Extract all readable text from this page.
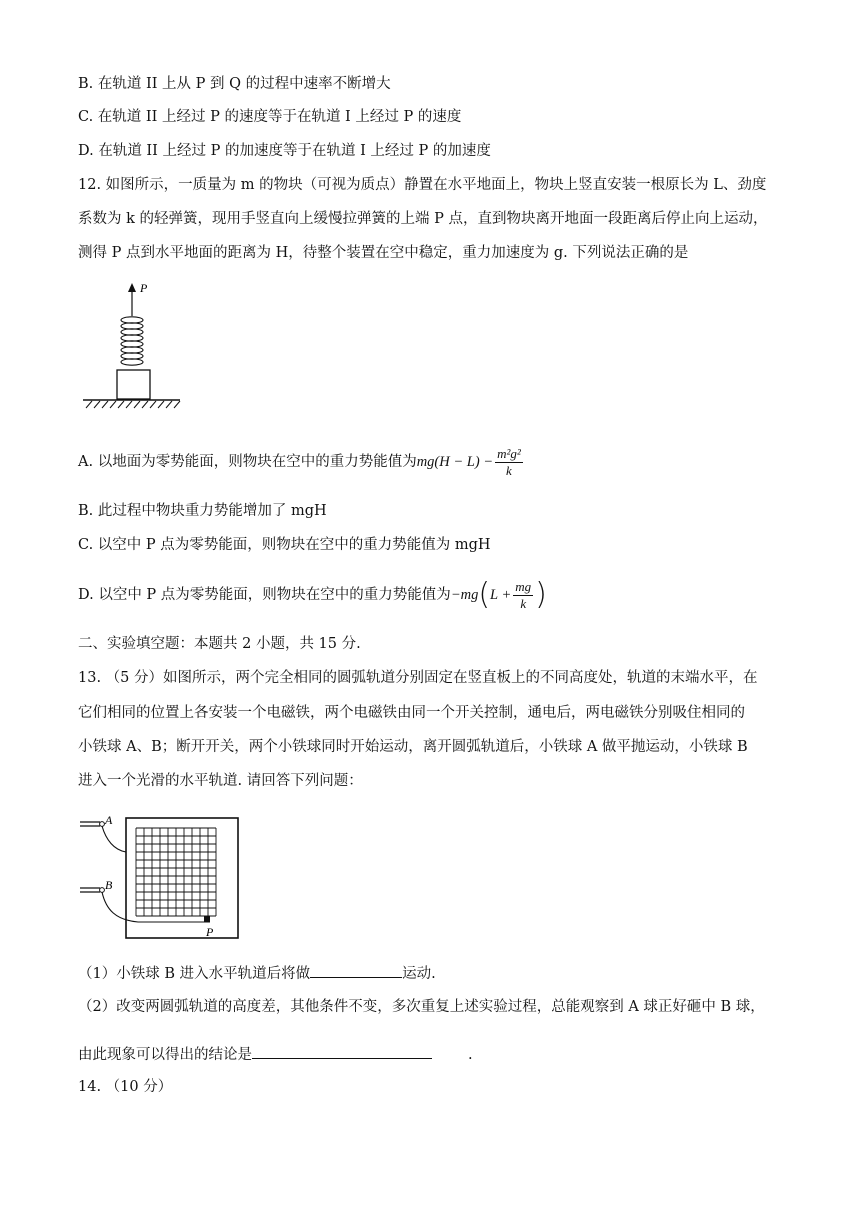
B. 在轨道 II 上从 P 到 Q 的过程中速率不断增大
C. 在轨道 II 上经过 P 的速度等于在轨道 I 上经过 P 的速度
D. 在轨道 II 上经过 P 的加速度等于在轨道 I 上经过 P 的加速度
12. 如图所示，一质量为 m 的物块（可视为质点）静置在水平地面上，物块上竖直安装一根原长为 L、劲度
系数为 k 的轻弹簧，现用手竖直向上缓慢拉弹簧的上端 P 点，直到物块离开地面一段距离后停止向上运动，
测得 P 点到水平地面的距离为 H，待整个装置在空中稳定，重力加速度为 g. 下列说法正确的是
P
A. 以地面为零势能面，则物块在空中的重力势能值为$mg(H - L) - \frac{\text{m²g²}}{k}$
B. 此过程中物块重力势能增加了 mgH
C. 以空中 P 点为零势能面，则物块在空中的重力势能值为 mgH
D. 以空中 P 点为零势能面，则物块在空中的重力势能值为$-mg(L + \frac{mg}{k}$ )
二、实验填空题：本题共 2 小题，共 15 分.
13. （5 分）如图所示，两个完全相同的圆弧轨道分别固定在竖直板上的不同高度处，轨道的末端水平，在
它们相同的位置上各安装一个电磁铁，两个电磁铁由同一个开关控制，通电后，两电磁铁分别吸住相同的
小铁球 A、B；断开开关，两个小铁球同时开始运动，离开圆弧轨道后，小铁球 A 做平抛运动，小铁球 B
进入一个光滑的水平轨道. 请回答下列问题：
A
B
P
（1）小铁球 B 进入水平轨道后将做	运动.
（2）改变两圆弧轨道的高度差，其他条件不变，多次重复上述实验过程，总能观察到 A 球正好砸中 B 球，
由此现象可以得出的结论是	.
14. （10 分）
